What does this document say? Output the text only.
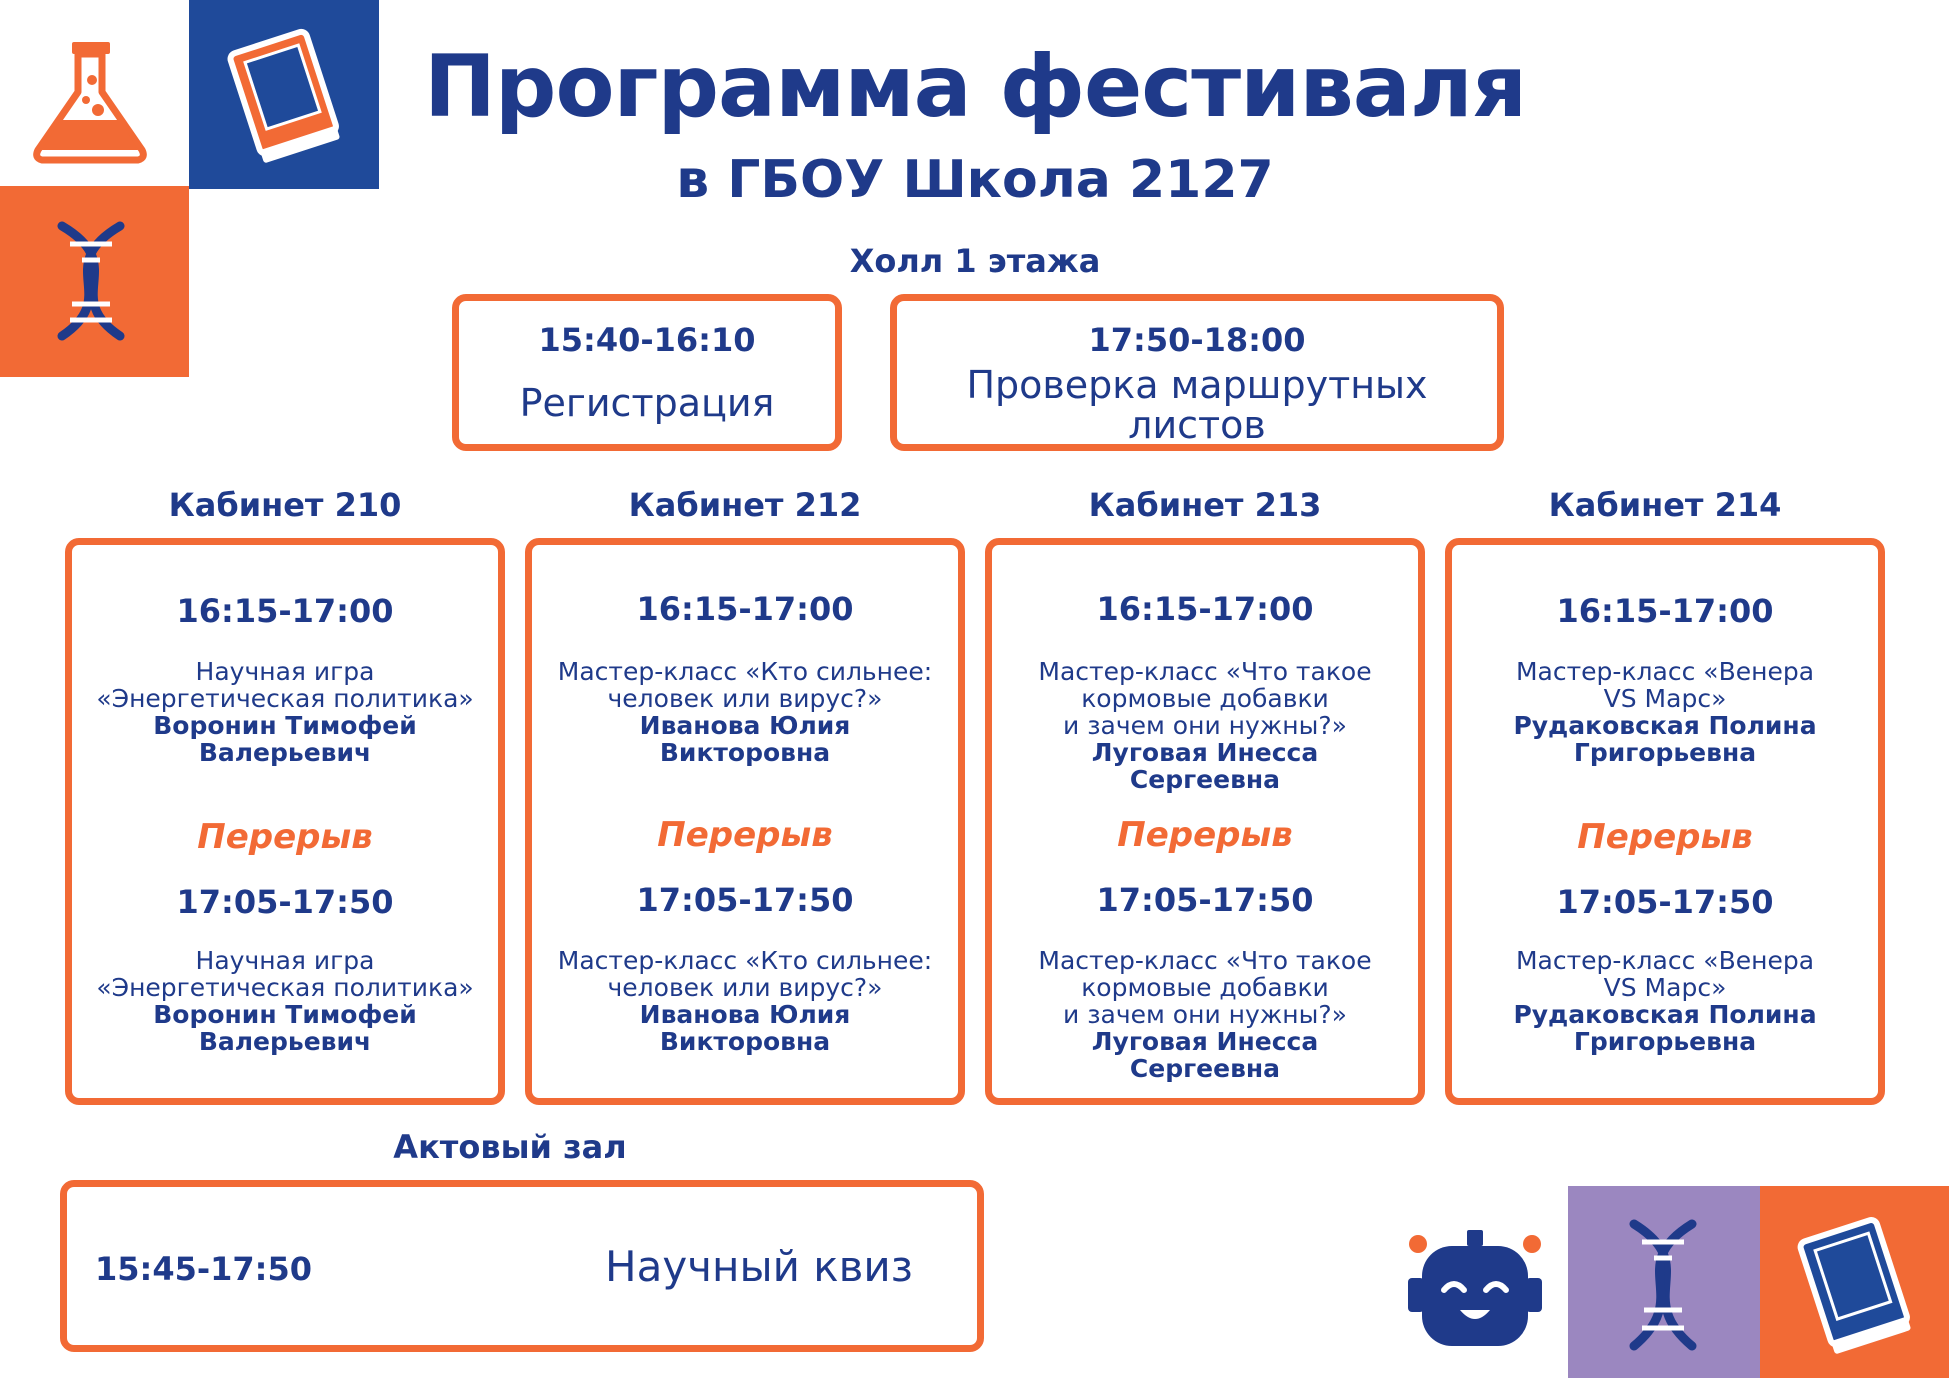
Программа фестиваля
в ГБОУ Школа 2127
Холл 1 этажа
15:40-16:10
Регистрация
17:50-18:00
Проверка маршрутных
листов
Кабинет 210	Кабинет 212	Кабинет 213	Кабинет 214
16:15-17:00
Научная игра
«Энергетическая политика»
Воронин Тимофей
Валерьевич
Перерыв
17:05-17:50
Научная игра
«Энергетическая политика»
Воронин Тимофей
Валерьевич
16:15-17:00
Мастер-класс «Кто сильнее:
человек или вирус?»
Иванова Юлия
Викторовна
Перерыв
17:05-17:50
Мастер-класс «Кто сильнее:
человек или вирус?»
Иванова Юлия
Викторовна
16:15-17:00
Мастер-класс «Что такое
кормовые добавки
и зачем они нужны?»
Луговая Инесса
Сергеевна
Перерыв
17:05-17:50
Мастер-класс «Что такое
кормовые добавки
и зачем они нужны?»
Луговая Инесса
Сергеевна
16:15-17:00
Мастер-класс «Венера
VS Марс»
Рудаковская Полина
Григорьевна
Перерыв
17:05-17:50
Мастер-класс «Венера
VS Марс»
Рудаковская Полина
Григорьевна
Актовый зал
15:45-17:50	Научный квиз
